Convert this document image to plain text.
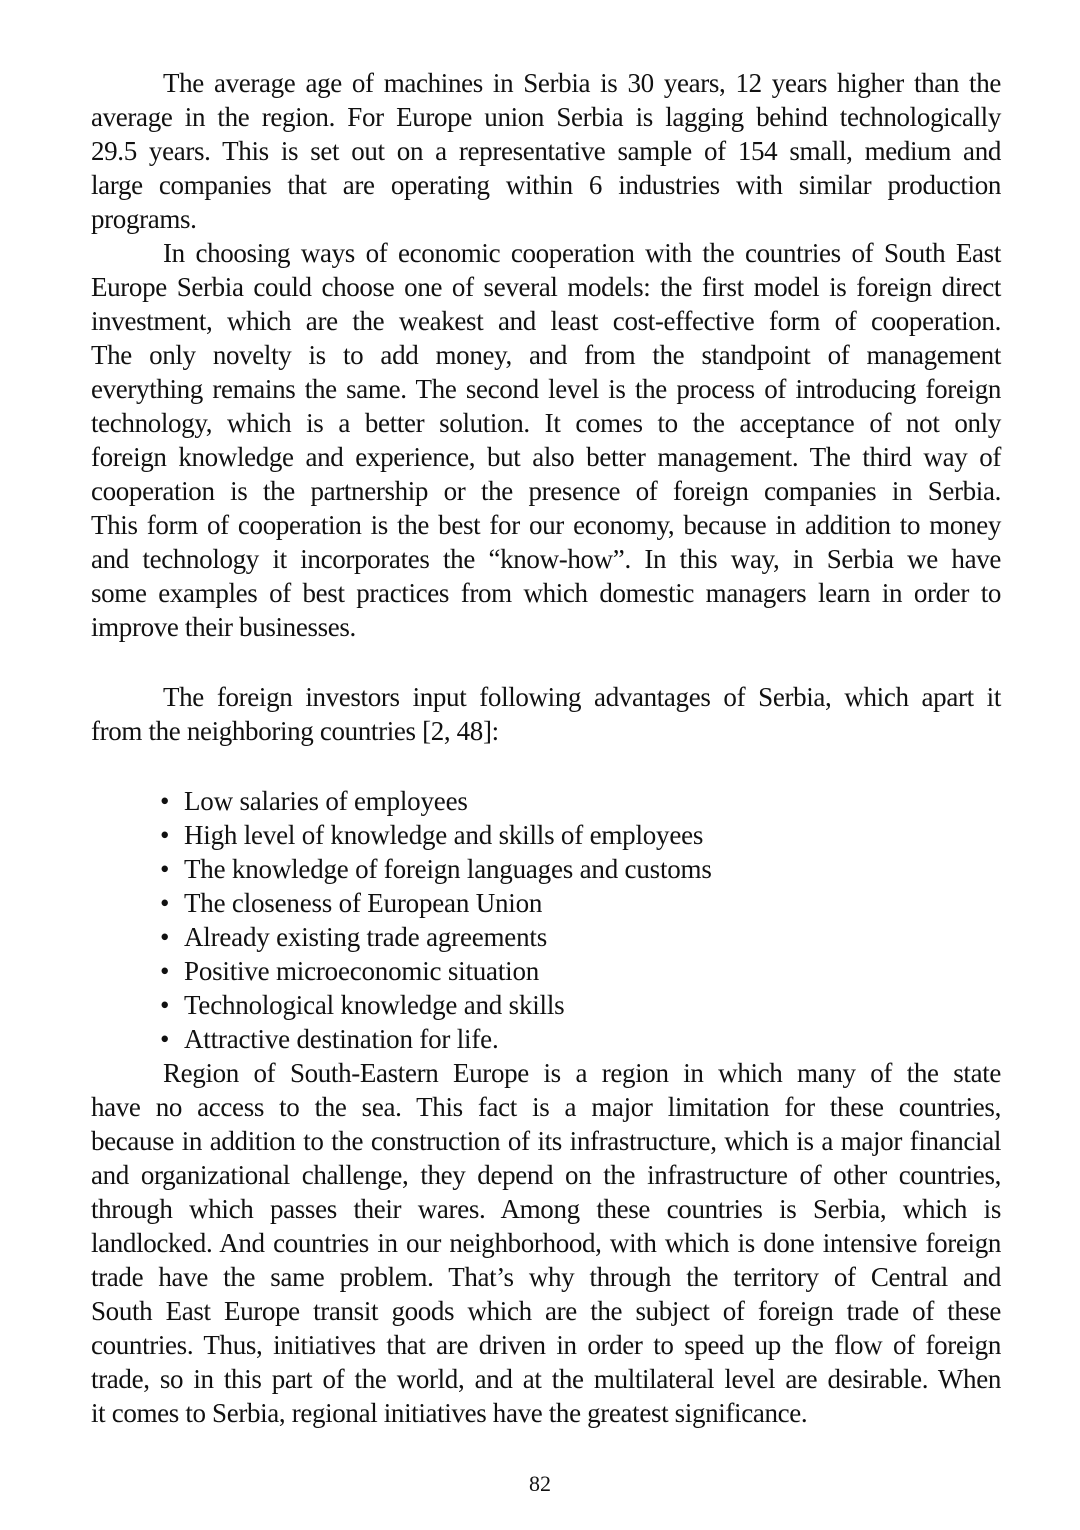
The average age of machines in Serbia is 30 years, 12 years higher than the
average in the region. For Europe union Serbia is lagging behind technologically
29.5 years. This is set out on a representative sample of 154 small, medium and
large companies that are operating within 6 industries with similar production
programs.
In choosing ways of economic cooperation with the countries of South East
Europe Serbia could choose one of several models: the first model is foreign direct
investment, which are the weakest and least cost-effective form of cooperation.
The only novelty is to add money, and from the standpoint of management
everything remains the same. The second level is the process of introducing foreign
technology, which is a better solution. It comes to the acceptance of not only
foreign knowledge and experience, but also better management. The third way of
cooperation is the partnership or the presence of foreign companies in Serbia.
This form of cooperation is the best for our economy, because in addition to money
and technology it incorporates the “know-how”. In this way, in Serbia we have
some examples of best practices from which domestic managers learn in order to
improve their businesses.
The foreign investors input following advantages of Serbia, which apart it
from the neighboring countries [2, 48]:
• Low salaries of employees
• High level of knowledge and skills of employees
• The knowledge of foreign languages and customs
• The closeness of European Union
• Already existing trade agreements
• Positive microeconomic situation
• Technological knowledge and skills
• Attractive destination for life.
Region of South-Eastern Europe is a region in which many of the state
have no access to the sea. This fact is a major limitation for these countries,
because in addition to the construction of its infrastructure, which is a major financial
and organizational challenge, they depend on the infrastructure of other countries,
through which passes their wares. Among these countries is Serbia, which is
landlocked. And countries in our neighborhood, with which is done intensive foreign
trade have the same problem. That’s why through the territory of Central and
South East Europe transit goods which are the subject of foreign trade of these
countries. Thus, initiatives that are driven in order to speed up the flow of foreign
trade, so in this part of the world, and at the multilateral level are desirable. When
it comes to Serbia, regional initiatives have the greatest significance.
82
